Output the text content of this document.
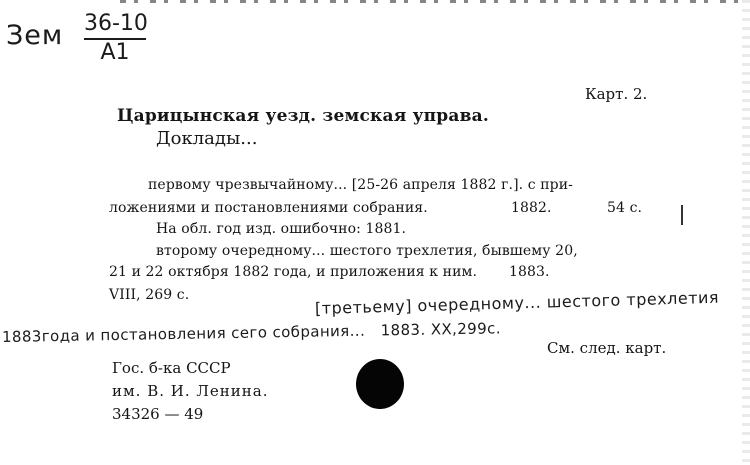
Зем 36-10
A1
Карт. 2.
Царицынская уезд. земская управа.
Доклады...
первому чрезвычайному... [25-26 апреля 1882 г.]. с при-
ложениями и постановлениями собрания.	1882.	54 с.
На обл. год изд. ошибочно: 1881.
второму очередному... шестого трехлетия, бывшему 20,
21 и 22 октября 1882 года, и приложения к ним.       1883.
VIII, 269 с.	[третьему] очередному... шестого трехлетия
1883года и постановления сего собрания...   1883. XX,299с.
См. след. карт.
Гос. б-ка СССР
им. В. И. Ленина.
34326 — 49
